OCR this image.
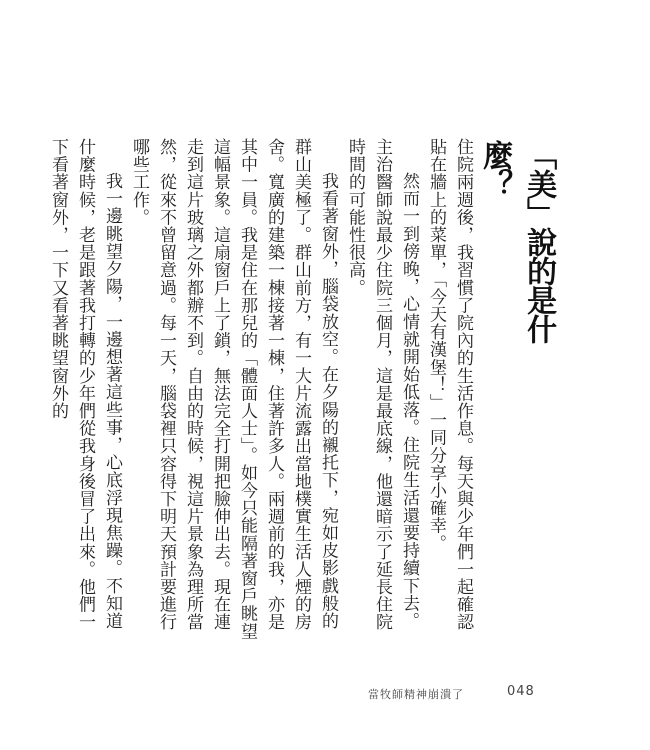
「美」說的是什麼？

住院兩週後，我習慣了院內的生活作息。每天與少年們一起確認貼在牆上的菜單，「今天有漢堡！」一同分享小確幸。

然而一到傍晚，心情就開始低落。住院生活還要持續下去。主治醫師說最少住院三個月，這是最底線，他還暗示了延長住院時間的可能性很高。

我看著窗外，腦袋放空。在夕陽的襯托下，宛如皮影戲般的群山美極了。群山前方，有一大片流露出當地樸實生活人煙的房舍。寬廣的建築一棟接著一棟，住著許多人。兩週前的我，亦是其中一員。我是住在那兒的「體面人士」。如今只能隔著窗戶眺望這幅景象。這扇窗戶上了鎖，無法完全打開把臉伸出去。現在連走到這片玻璃之外都辦不到。自由的時候，視這片景象為理所當然，從來不曾留意過。每一天，腦袋裡只容得下明天預計要進行哪些工作。

我一邊眺望夕陽，一邊想著這些事，心底浮現焦躁。不知道什麼時候，老是跟著我打轉的少年們從我身後冒了出來。他們一下看著窗外，一下又看著眺望窗外的

當牧師精神崩潰了	048
